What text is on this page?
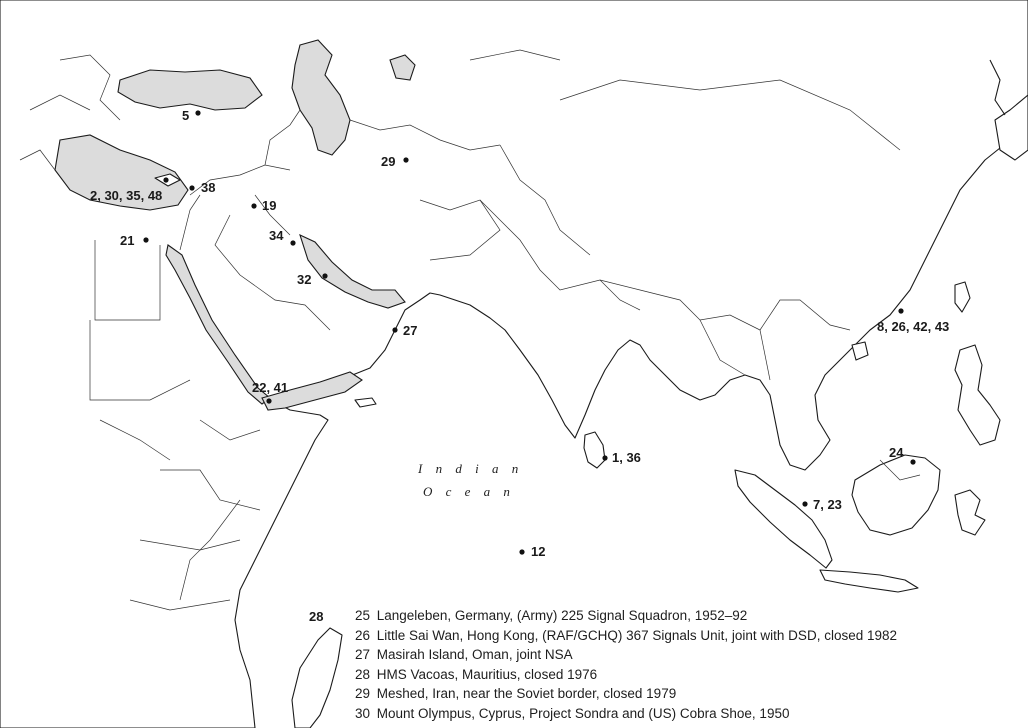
I n d i a n
O c e a n
5
29
2, 30, 35, 48
38
19
21	34
32
27
22, 41
8, 26, 42, 43
1, 36	24
7, 23
12
28 25 Langeleben, Germany, (Army) 225 Signal Squadron, 1952–92
26 Little Sai Wan, Hong Kong, (RAF/GCHQ) 367 Signals Unit, joint with DSD, closed 1982
27 Masirah Island, Oman, joint NSA
28 HMS Vacoas, Mauritius, closed 1976
29 Meshed, Iran, near the Soviet border, closed 1979
30 Mount Olympus, Cyprus, Project Sondra and (US) Cobra Shoe, 1950
